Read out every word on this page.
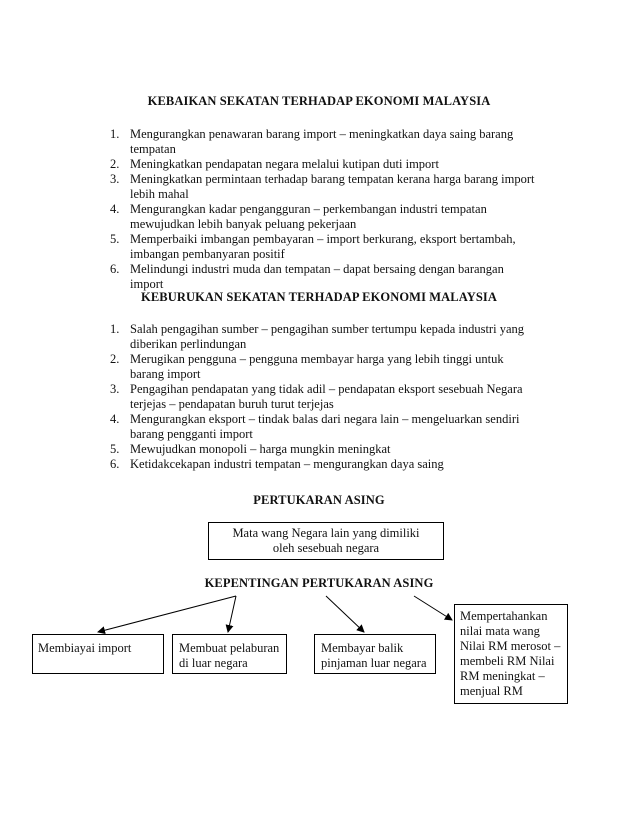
KEBAIKAN SEKATAN TERHADAP EKONOMI MALAYSIA
1. Mengurangkan penawaran barang import – meningkatkan daya saing barang tempatan
2. Meningkatkan pendapatan negara melalui kutipan duti import
3. Meningkatkan permintaan terhadap barang tempatan kerana harga barang import lebih mahal
4. Mengurangkan kadar pengangguran – perkembangan industri tempatan mewujudkan lebih banyak peluang pekerjaan
5. Memperbaiki imbangan pembayaran – import berkurang, eksport bertambah, imbangan pembanyaran positif
6. Melindungi industri muda dan tempatan – dapat bersaing dengan barangan import
KEBURUKAN SEKATAN TERHADAP EKONOMI MALAYSIA
1. Salah pengagihan sumber – pengagihan sumber tertumpu kepada industri yang diberikan perlindungan
2. Merugikan pengguna – pengguna membayar harga yang lebih tinggi untuk barang import
3. Pengagihan pendapatan yang tidak adil – pendapatan eksport sesebuah Negara terjejas – pendapatan buruh turut terjejas
4. Mengurangkan eksport – tindak balas dari negara lain – mengeluarkan sendiri barang pengganti import
5. Mewujudkan monopoli – harga mungkin meningkat
6. Ketidakcekapan industri tempatan – mengurangkan daya saing
PERTUKARAN ASING
Mata wang Negara lain yang dimiliki oleh sesebuah negara
KEPENTINGAN PERTUKARAN ASING
Membiayai import	Membuat pelaburan di luar negara
Membayar balik pinjaman luar negara
Mempertahankan nilai mata wang Nilai RM merosot – membeli RM Nilai RM meningkat – menjual RM
